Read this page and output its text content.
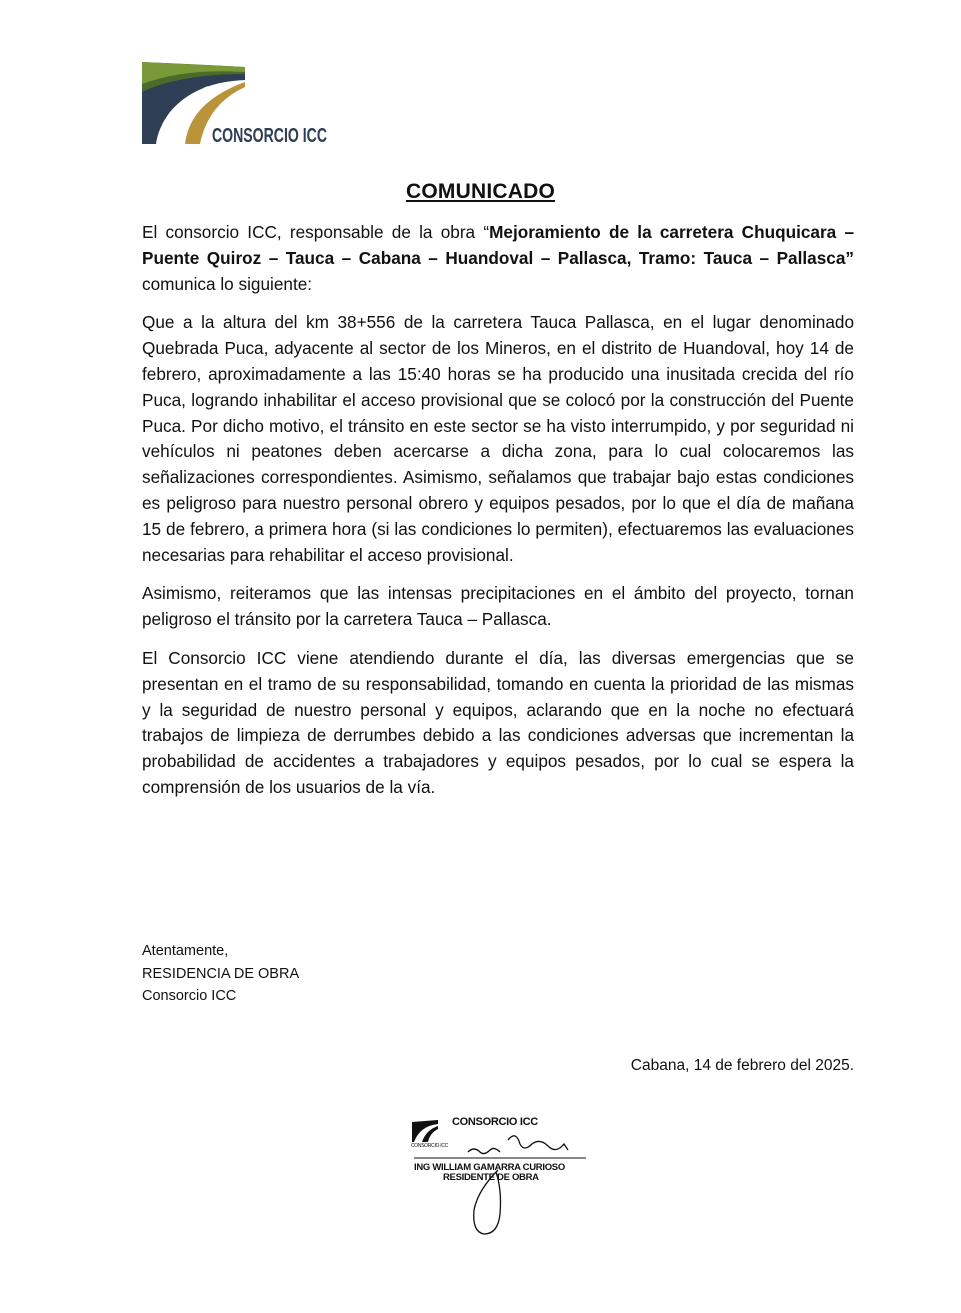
CONSORCIO ICC
COMUNICADO

El consorcio ICC, responsable de la obra “Mejoramiento de la carretera Chuquicara – Puente Quiroz – Tauca – Cabana – Huandoval – Pallasca, Tramo: Tauca – Pallasca” comunica lo siguiente:

Que a la altura del km 38+556 de la carretera Tauca Pallasca, en el lugar denominado Quebrada Puca, adyacente al sector de los Mineros, en el distrito de Huandoval, hoy 14 de febrero, aproximadamente a las 15:40 horas se ha producido una inusitada crecida del río Puca, logrando inhabilitar el acceso provisional que se colocó por la construcción del Puente Puca. Por dicho motivo, el tránsito en este sector se ha visto interrumpido, y por seguridad ni vehículos ni peatones deben acercarse a dicha zona, para lo cual colocaremos las señalizaciones correspondientes. Asimismo, señalamos que trabajar bajo estas condiciones es peligroso para nuestro personal obrero y equipos pesados, por lo que el día de mañana 15 de febrero, a primera hora (si las condiciones lo permiten), efectuaremos las evaluaciones necesarias para rehabilitar el acceso provisional.

Asimismo, reiteramos que las intensas precipitaciones en el ámbito del proyecto, tornan peligroso el tránsito por la carretera Tauca – Pallasca.

El Consorcio ICC viene atendiendo durante el día, las diversas emergencias que se presentan en el tramo de su responsabilidad, tomando en cuenta la prioridad de las mismas y la seguridad de nuestro personal y equipos, aclarando que en la noche no efectuará trabajos de limpieza de derrumbes debido a las condiciones adversas que incrementan la probabilidad de accidentes a trabajadores y equipos pesados, por lo cual se espera la comprensión de los usuarios de la vía.

Atentamente,
RESIDENCIA DE OBRA
Consorcio ICC
Cabana, 14 de febrero del 2025.
CONSORCIO ICC
CONSORCIO ICC
ING WILLIAM GAMARRA CURIOSO
RESIDENTE DE OBRA
